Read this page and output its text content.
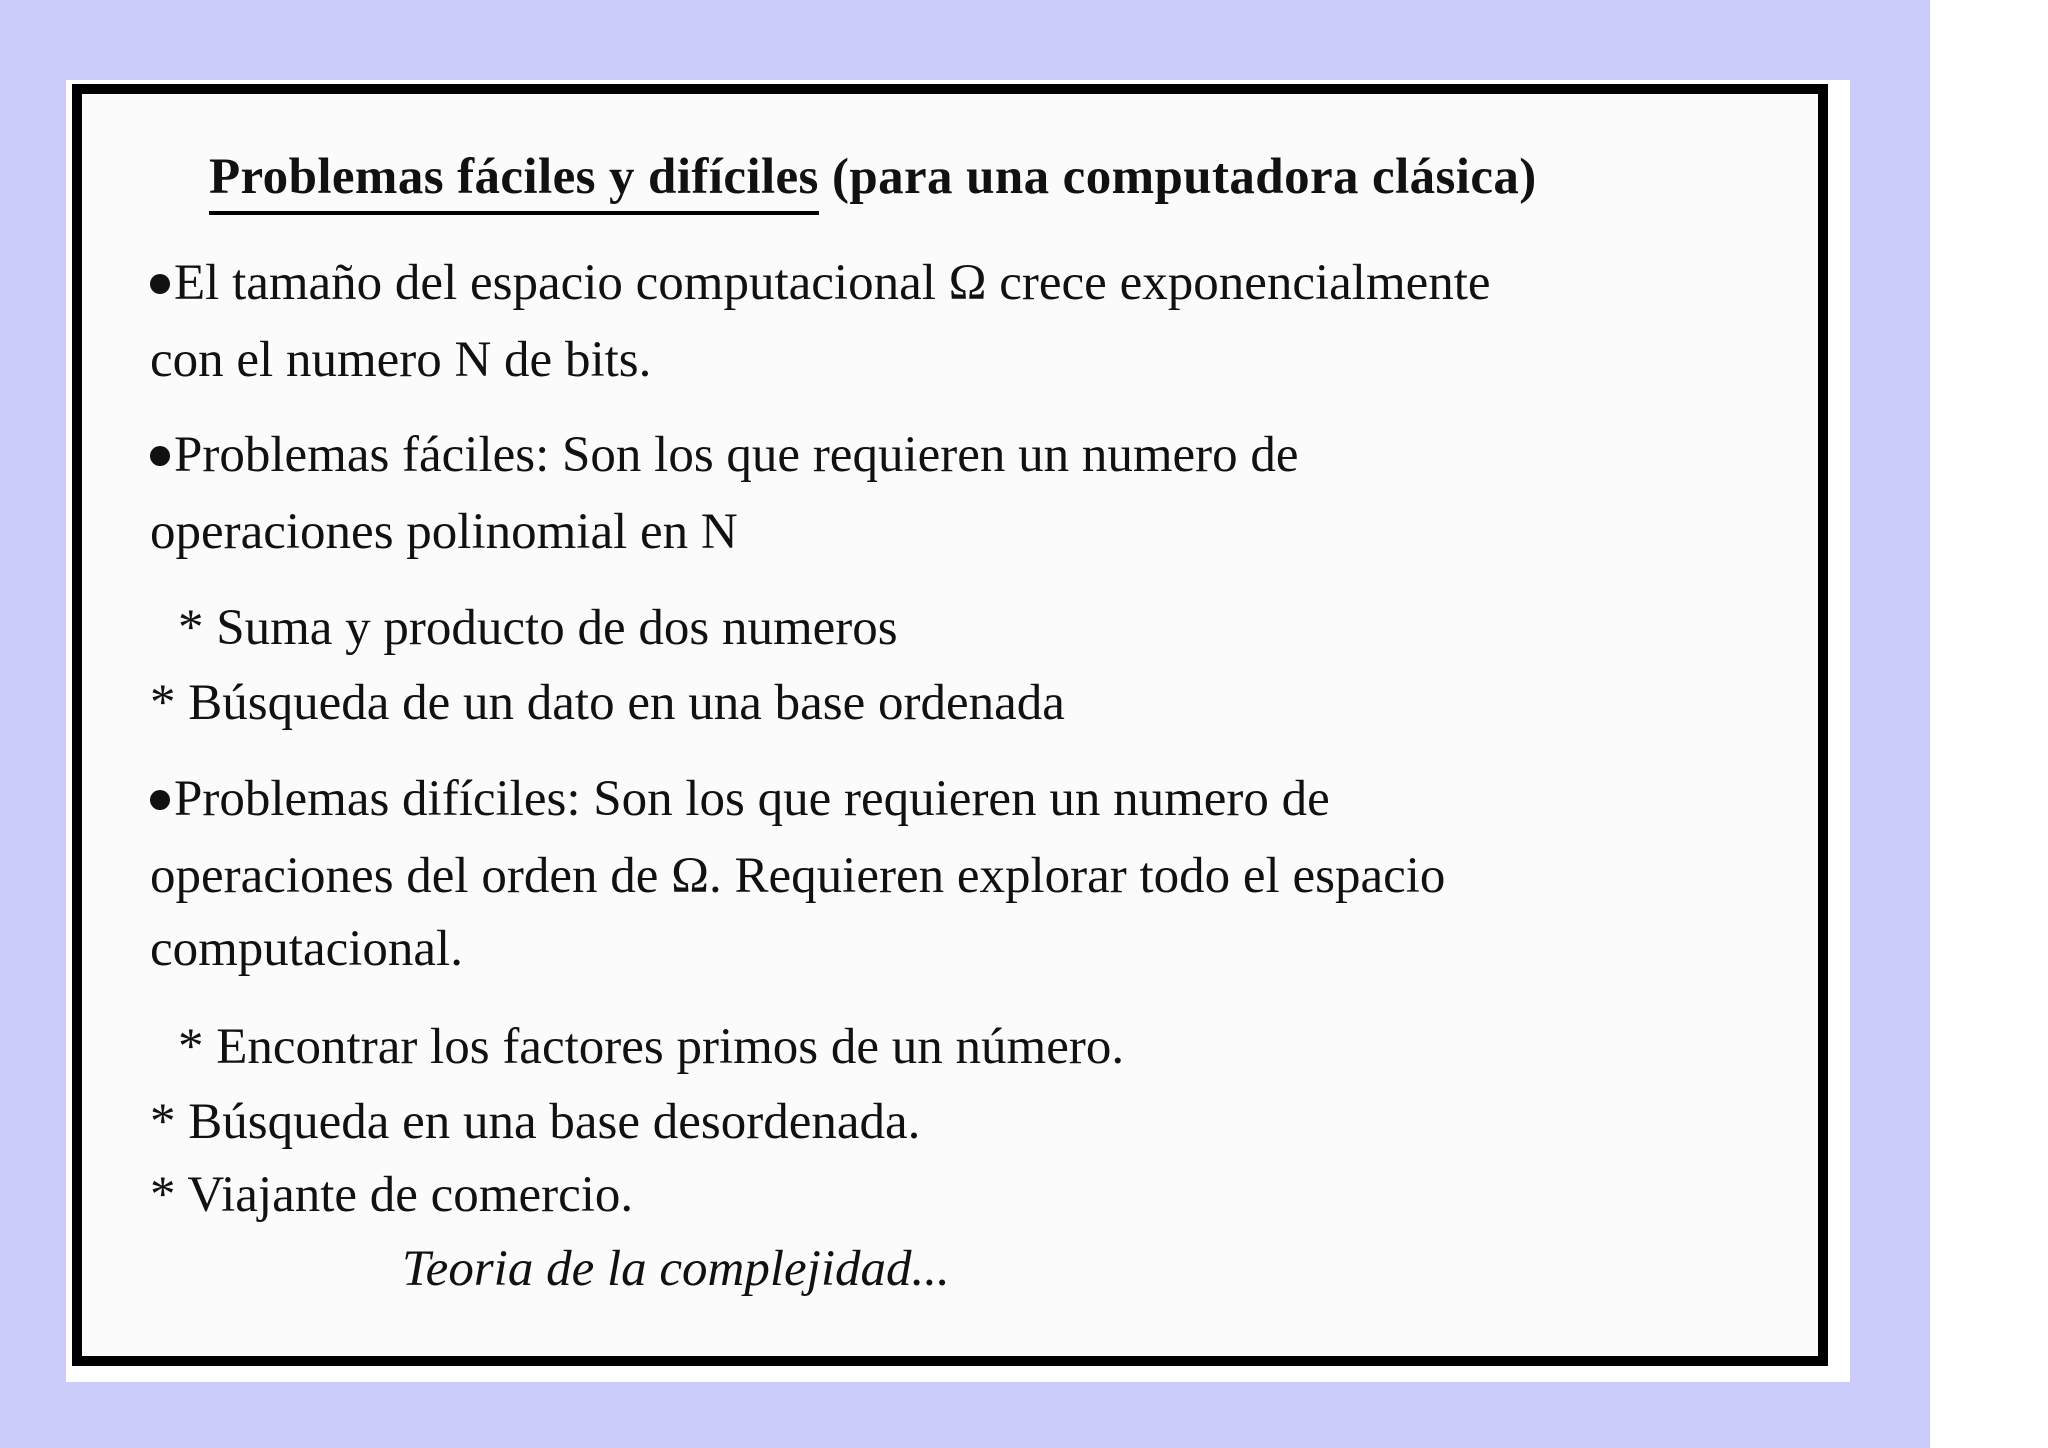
Problemas fáciles y difíciles (para una computadora clásica)
El tamaño del espacio computacional Ω crece exponencialmente
con el numero N de bits.
Problemas fáciles: Son los que requieren un numero de
operaciones polinomial en N
* Suma y producto de dos numeros
* Búsqueda de un dato en una base ordenada
Problemas difíciles: Son los que requieren un numero de
operaciones del orden de Ω. Requieren explorar todo el espacio
computacional.
* Encontrar los factores primos de un número.
* Búsqueda en una base desordenada.
* Viajante de comercio.
Teoria de la complejidad...
